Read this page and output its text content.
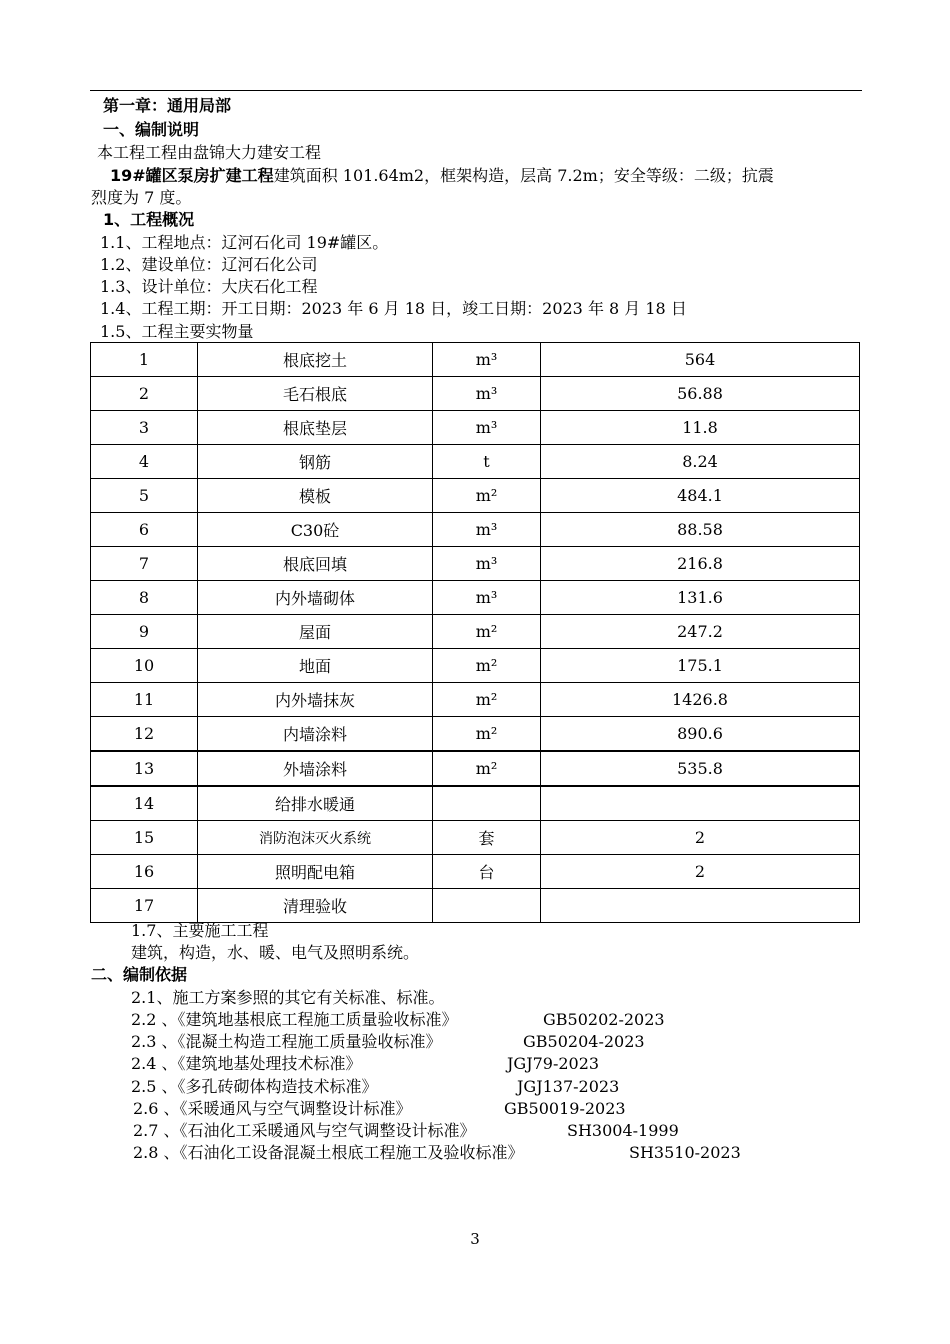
第一章：通用局部
一、编制说明
本工程工程由盘锦大力建安工程
19#罐区泵房扩建工程建筑面积 101.64m2，框架构造，层高 7.2m；安全等级：二级；抗震
烈度为 7 度。
1、工程概况
1.1、工程地点：辽河石化司 19#罐区。
1.2、建设单位：辽河石化公司
1.3、设计单位：大庆石化工程
1.4、工程工期：开工日期：2023 年 6 月 18 日，竣工日期：2023 年 8 月 18 日
1.5、工程主要实物量
1	根底挖土	m³	564
2	毛石根底	m³	56.88
3	根底垫层	m³	11.8
4	钢筋	t	8.24
5	模板	m²	484.1
6	C30砼	m³	88.58
7	根底回填	m³	216.8
8	内外墙砌体	m³	131.6
9	屋面	m²	247.2
10	地面	m²	175.1
11	内外墙抹灰	m²	1426.8
12	内墙涂料	m²	890.6
13	外墙涂料	m²	535.8
14	给排水暖通		
15	消防泡沫灭火系统	套	2
16	照明配电箱	台	2
17	清理验收		
1.7、主要施工工程
建筑，构造，水、暖、电气及照明系统。
二、编制依据
2.1、施工方案参照的其它有关标准、标准。
2.2 、《建筑地基根底工程施工质量验收标准》	GB50202-2023
2.3 、《混凝土构造工程施工质量验收标准》	GB50204-2023
2.4 、《建筑地基处理技术标准》	JGJ79-2023
2.5 、《多孔砖砌体构造技术标准》	JGJ137-2023
2.6 、《采暖通风与空气调整设计标准》	GB50019-2023
2.7 、《石油化工采暖通风与空气调整设计标准》	SH3004-1999
2.8 、《石油化工设备混凝土根底工程施工及验收标准》	SH3510-2023
3
